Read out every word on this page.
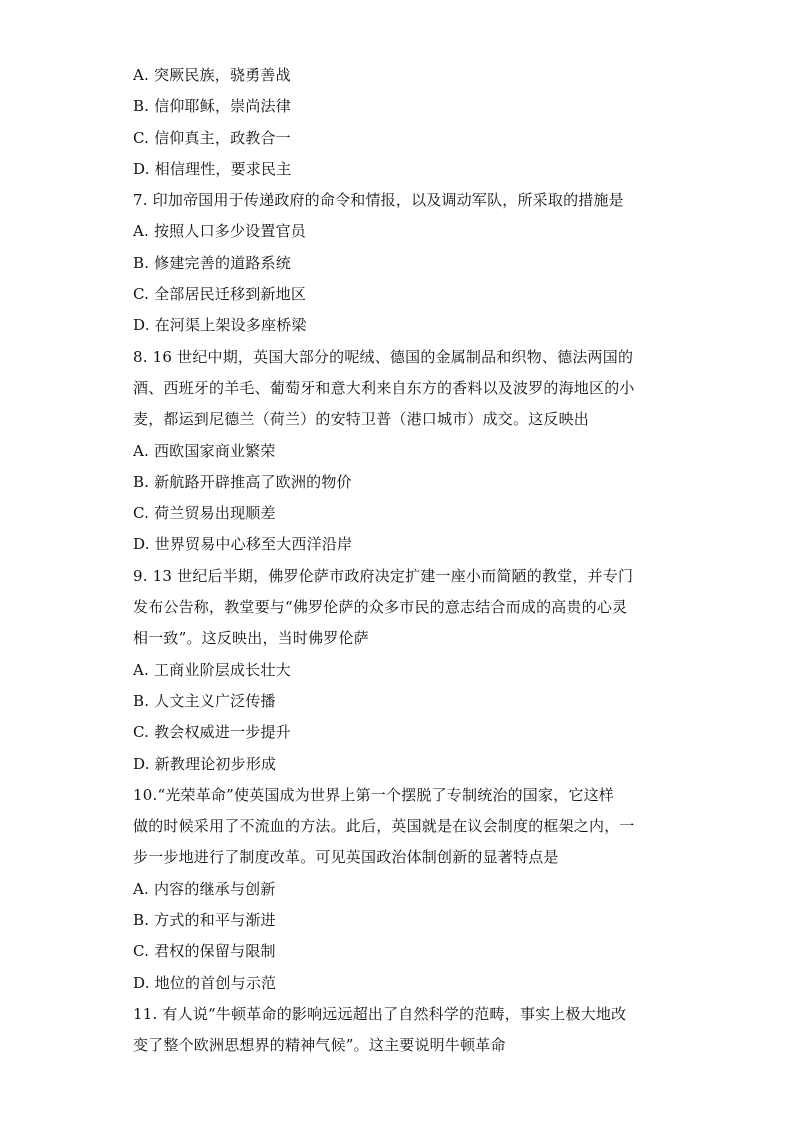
A. 突厥民族，骁勇善战
B. 信仰耶稣，崇尚法律
C. 信仰真主，政教合一
D. 相信理性，要求民主
7. 印加帝国用于传递政府的命令和情报，以及调动军队，所采取的措施是
A. 按照人口多少设置官员
B. 修建完善的道路系统
C. 全部居民迁移到新地区
D. 在河渠上架设多座桥梁
8. 16 世纪中期，英国大部分的呢绒、德国的金属制品和织物、德法两国的
酒、西班牙的羊毛、葡萄牙和意大利来自东方的香料以及波罗的海地区的小
麦，都运到尼德兰（荷兰）的安特卫普（港口城市）成交。这反映出
A. 西欧国家商业繁荣
B. 新航路开辟推高了欧洲的物价
C. 荷兰贸易出现顺差
D. 世界贸易中心移至大西洋沿岸
9. 13 世纪后半期，佛罗伦萨市政府决定扩建一座小而简陋的教堂，并专门
发布公告称，教堂要与“佛罗伦萨的众多市民的意志结合而成的高贵的心灵
相一致”。这反映出，当时佛罗伦萨
A. 工商业阶层成长壮大
B. 人文主义广泛传播
C. 教会权威进一步提升
D. 新教理论初步形成
10.“光荣革命”使英国成为世界上第一个摆脱了专制统治的国家，它这样
做的时候采用了不流血的方法。此后，英国就是在议会制度的框架之内，一
步一步地进行了制度改革。可见英国政治体制创新的显著特点是
A. 内容的继承与创新
B. 方式的和平与渐进
C. 君权的保留与限制
D. 地位的首创与示范
11. 有人说“牛顿革命的影响远远超出了自然科学的范畴，事实上极大地改
变了整个欧洲思想界的精神气候”。这主要说明牛顿革命
